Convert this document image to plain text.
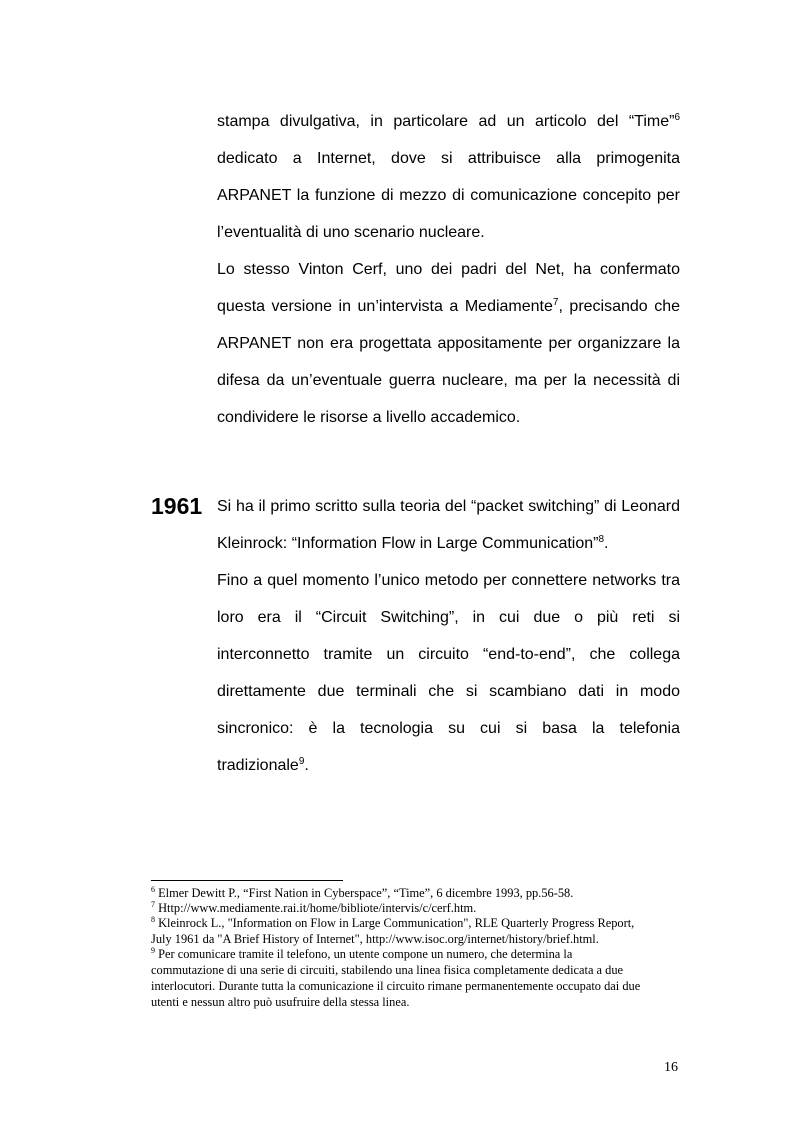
stampa divulgativa, in particolare ad un articolo del “Time”$^6$
dedicato a Internet, dove si attribuisce alla primogenita
ARPANET la funzione di mezzo di comunicazione concepito per
l’eventualità di uno scenario nucleare.
Lo stesso Vinton Cerf, uno dei padri del Net, ha confermato
questa versione in un’intervista a Mediamente$^7$, precisando che
ARPANET non era progettata appositamente per organizzare la
difesa da un’eventuale guerra nucleare, ma per la necessità di
condividere le risorse a livello accademico.
1961 Si ha il primo scritto sulla teoria del “packet switching” di Leonard
Kleinrock: “Information Flow in Large Communication”$^8$.
Fino a quel momento l’unico metodo per connettere networks tra
loro era il “Circuit Switching”, in cui due o più reti si
interconnetto tramite un circuito “end-to-end”, che collega
direttamente due terminali che si scambiano dati in modo
sincronico: è la tecnologia su cui si basa la telefonia
tradizionale$^9$.
$^6$ Elmer Dewitt P., “First Nation in Cyberspace”, “Time”, 6 dicembre 1993, pp.56-58.
$^7$ Http://www.mediamente.rai.it/home/bibliote/intervis/c/cerf.htm.
$^8$ Kleinrock L., "Information on Flow in Large Communication", RLE Quarterly Progress Report,
July 1961 da "A Brief History of Internet", http://www.isoc.org/internet/history/brief.html.
$^9$ Per comunicare tramite il telefono, un utente compone un numero, che determina la
commutazione di una serie di circuiti, stabilendo una linea fisica completamente dedicata a due
interlocutori. Durante tutta la comunicazione il circuito rimane permanentemente occupato dai due
utenti e nessun altro può usufruire della stessa linea.
16
